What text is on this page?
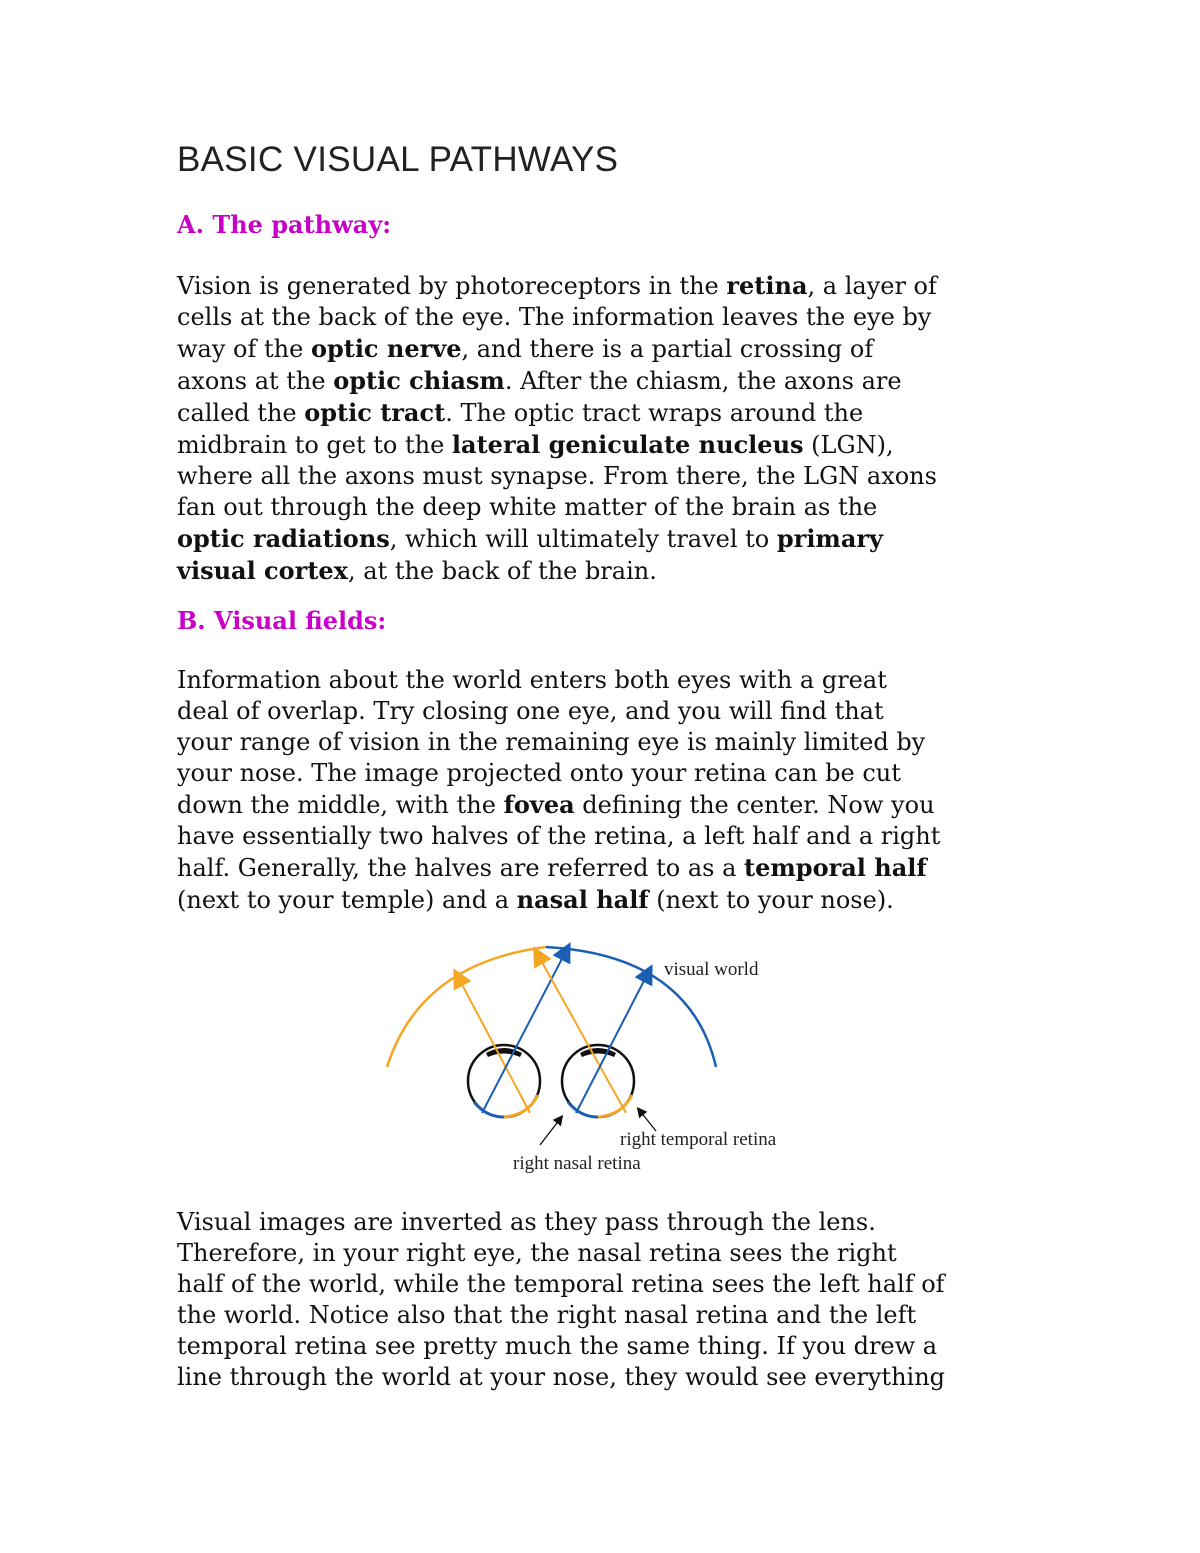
BASIC VISUAL PATHWAYS
A. The pathway:
Vision is generated by photoreceptors in the retina, a layer of
cells at the back of the eye. The information leaves the eye by
way of the optic nerve, and there is a partial crossing of
axons at the optic chiasm. After the chiasm, the axons are
called the optic tract. The optic tract wraps around the
midbrain to get to the lateral geniculate nucleus (LGN),
where all the axons must synapse. From there, the LGN axons
fan out through the deep white matter of the brain as the
optic radiations, which will ultimately travel to primary
visual cortex, at the back of the brain.
B. Visual fields:
Information about the world enters both eyes with a great
deal of overlap. Try closing one eye, and you will find that
your range of vision in the remaining eye is mainly limited by
your nose. The image projected onto your retina can be cut
down the middle, with the fovea defining the center. Now you
have essentially two halves of the retina, a left half and a right
half. Generally, the halves are referred to as a temporal half
(next to your temple) and a nasal half (next to your nose).
visual world
right temporal retina
right nasal retina
Visual images are inverted as they pass through the lens.
Therefore, in your right eye, the nasal retina sees the right
half of the world, while the temporal retina sees the left half of
the world. Notice also that the right nasal retina and the left
temporal retina see pretty much the same thing. If you drew a
line through the world at your nose, they would see everything
